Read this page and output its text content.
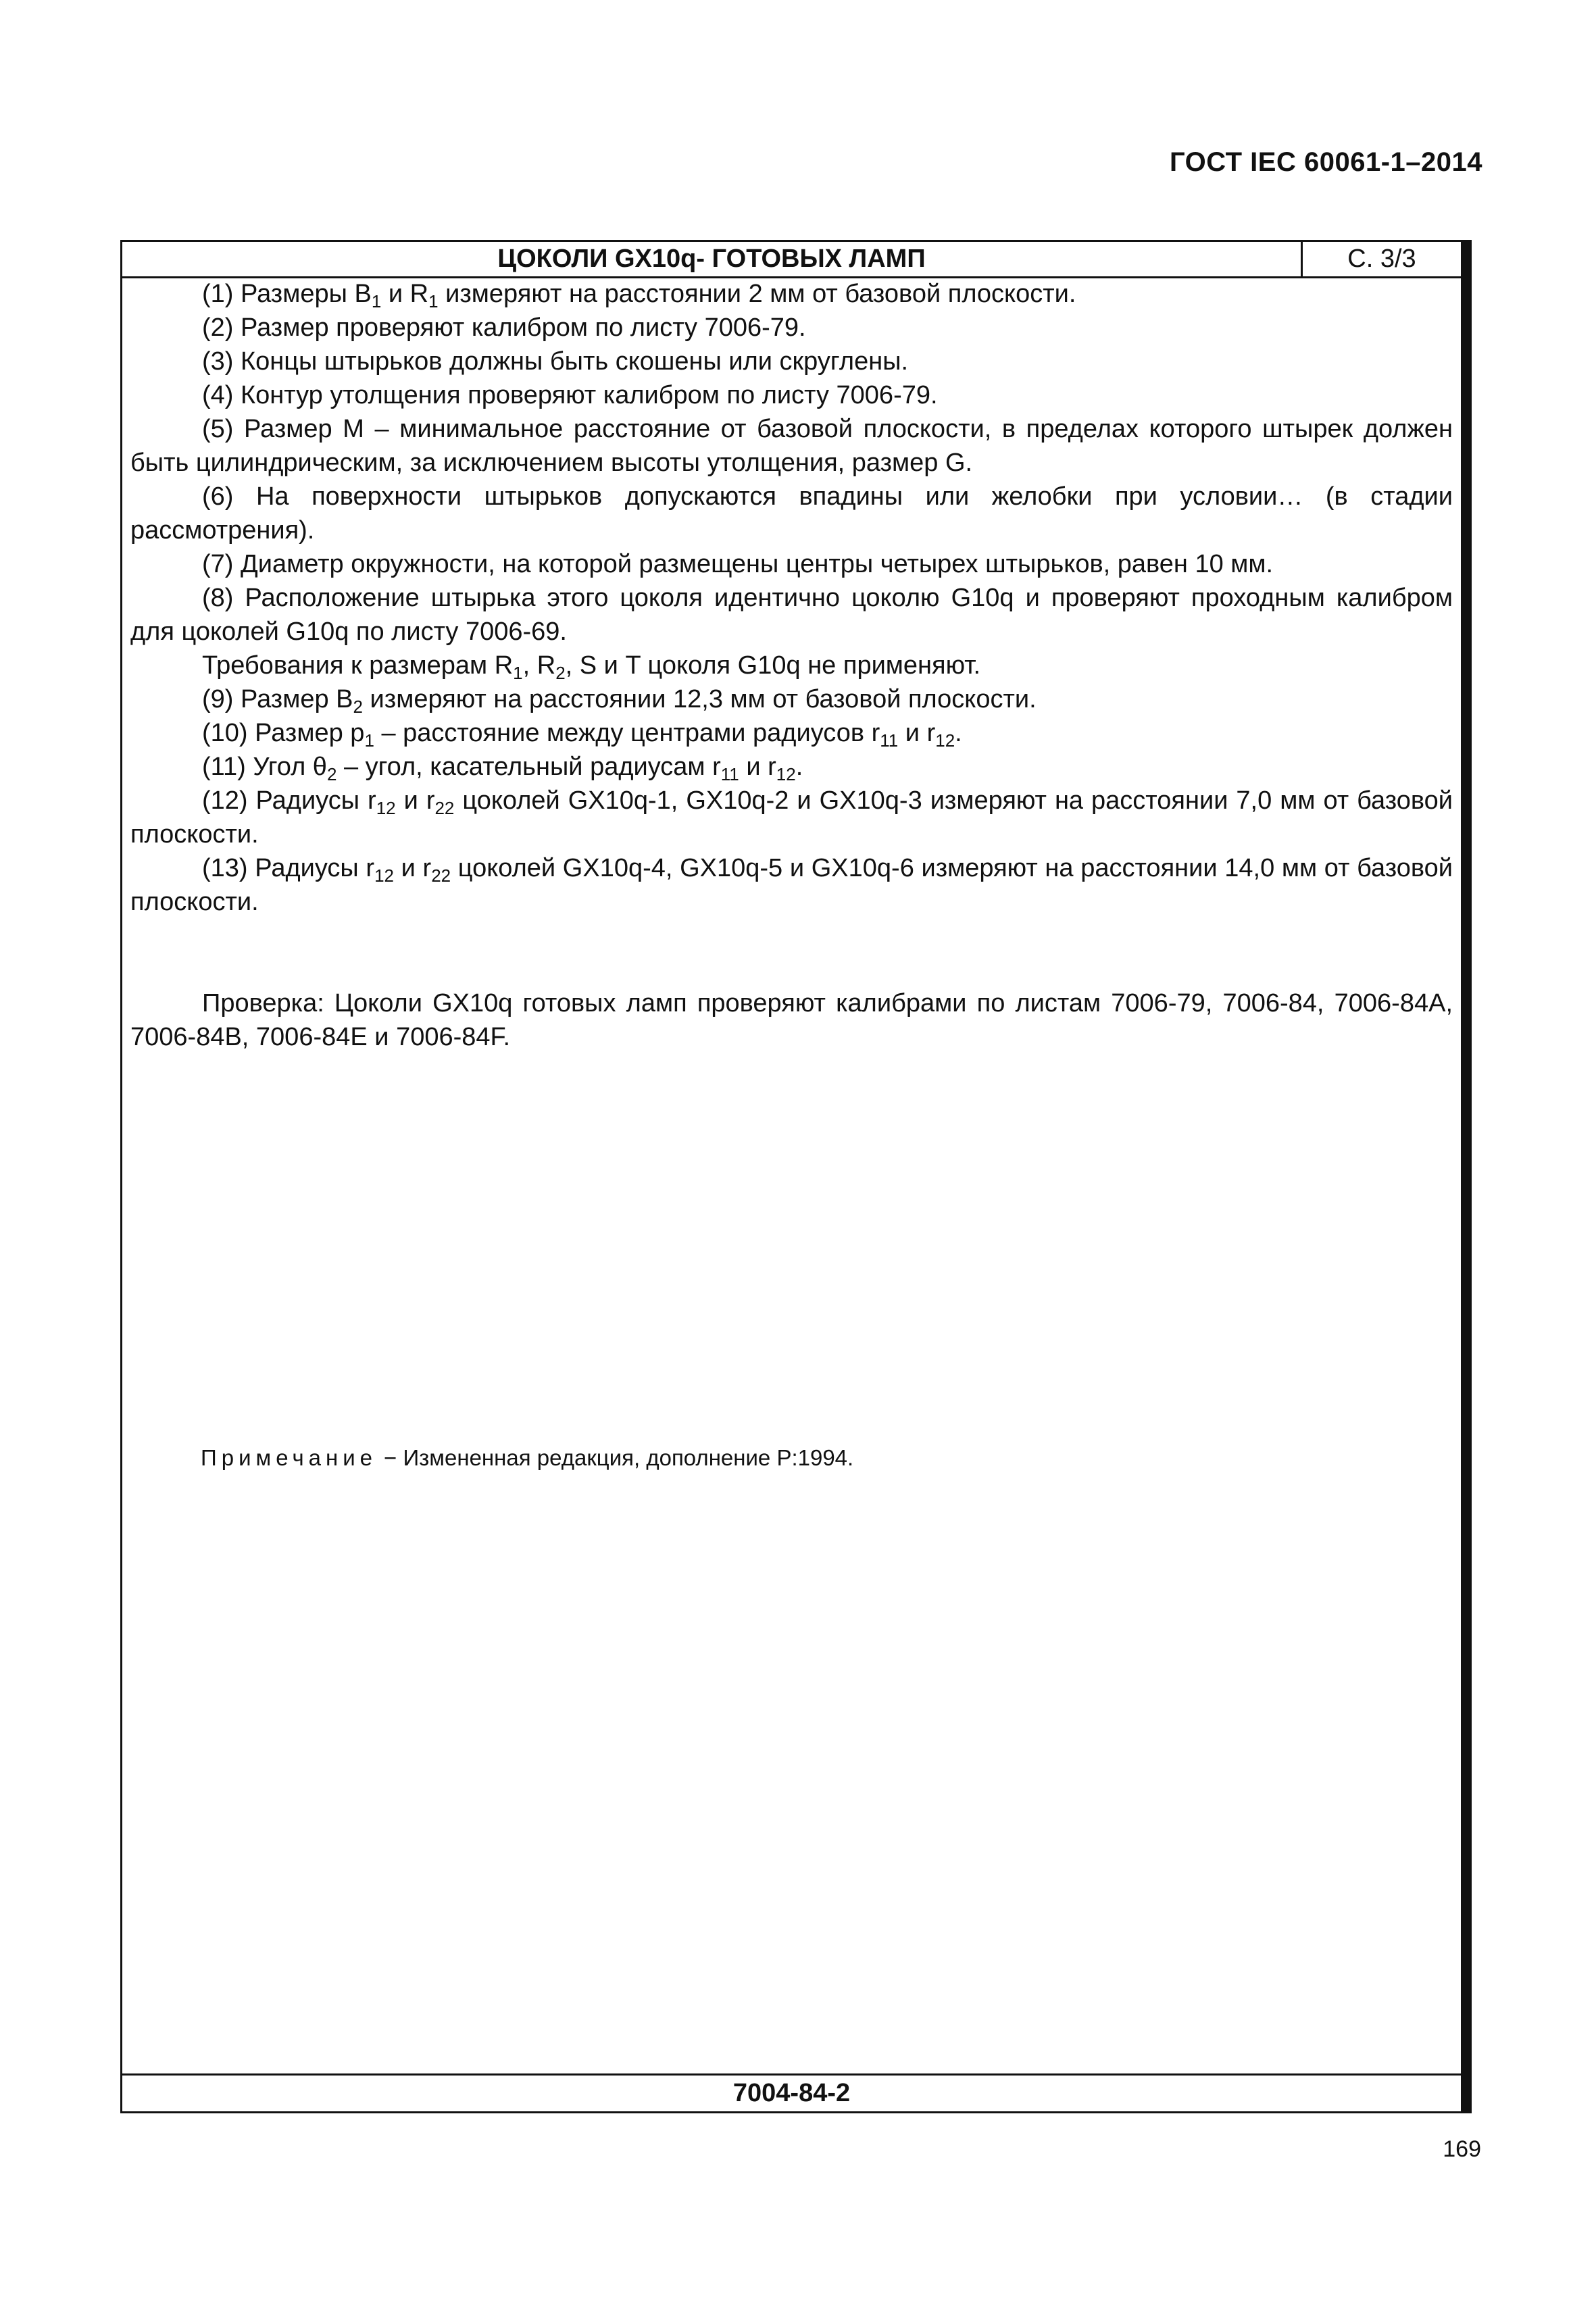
ГОСТ IEC 60061-1–2014
ЦОКОЛИ GX10q- ГОТОВЫХ ЛАМП	С. 3/3

(1) Размеры $B_1$ и $R_1$ измеряют на расстоянии 2 мм от базовой плоскости.

(2) Размер проверяют калибром по листу 7006-79.

(3) Концы штырьков должны быть скошены или скруглены.

(4) Контур утолщения проверяют калибром по листу 7006-79.

(5) Размер М – минимальное расстояние от базовой плоскости, в пределах которого штырек должен быть цилиндрическим, за исключением высоты утолщения, размер G.

(6) На поверхности штырьков допускаются впадины или желобки при условии… (в стадии рассмотрения).

(7) Диаметр окружности, на которой размещены центры четырех штырьков, равен 10 мм.

(8) Расположение штырька этого цоколя идентично цоколю G10q и проверяют проходным калибром для цоколей G10q по листу 7006-69.

Требования к размерам $R_1$, $R_2$, S и T цоколя G10q не применяют.

(9) Размер $B_2$ измеряют на расстоянии 12,3 мм от базовой плоскости.

(10) Размер $p_1$ – расстояние между центрами радиусов $r_{11}$ и $r_{12}$.

(11) Угол $\theta_2$ – угол, касательный радиусам $r_{11}$ и $r_{12}$.

(12) Радиусы $r_{12}$ и $r_{22}$ цоколей GX10q-1, GX10q-2 и GX10q-3 измеряют на расстоянии 7,0 мм от базовой плоскости.

(13) Радиусы $r_{12}$ и $r_{22}$ цоколей GX10q-4, GX10q-5 и GX10q-6 измеряют на расстоянии 14,0 мм от базовой плоскости.

Проверка: Цоколи GX10q готовых ламп проверяют калибрами по листам 7006-79, 7006-84, 7006-84A, 7006-84B, 7006-84E и 7006-84F.

Примечание − Измененная редакция, дополнение P:1994.
7004-84-2
169
